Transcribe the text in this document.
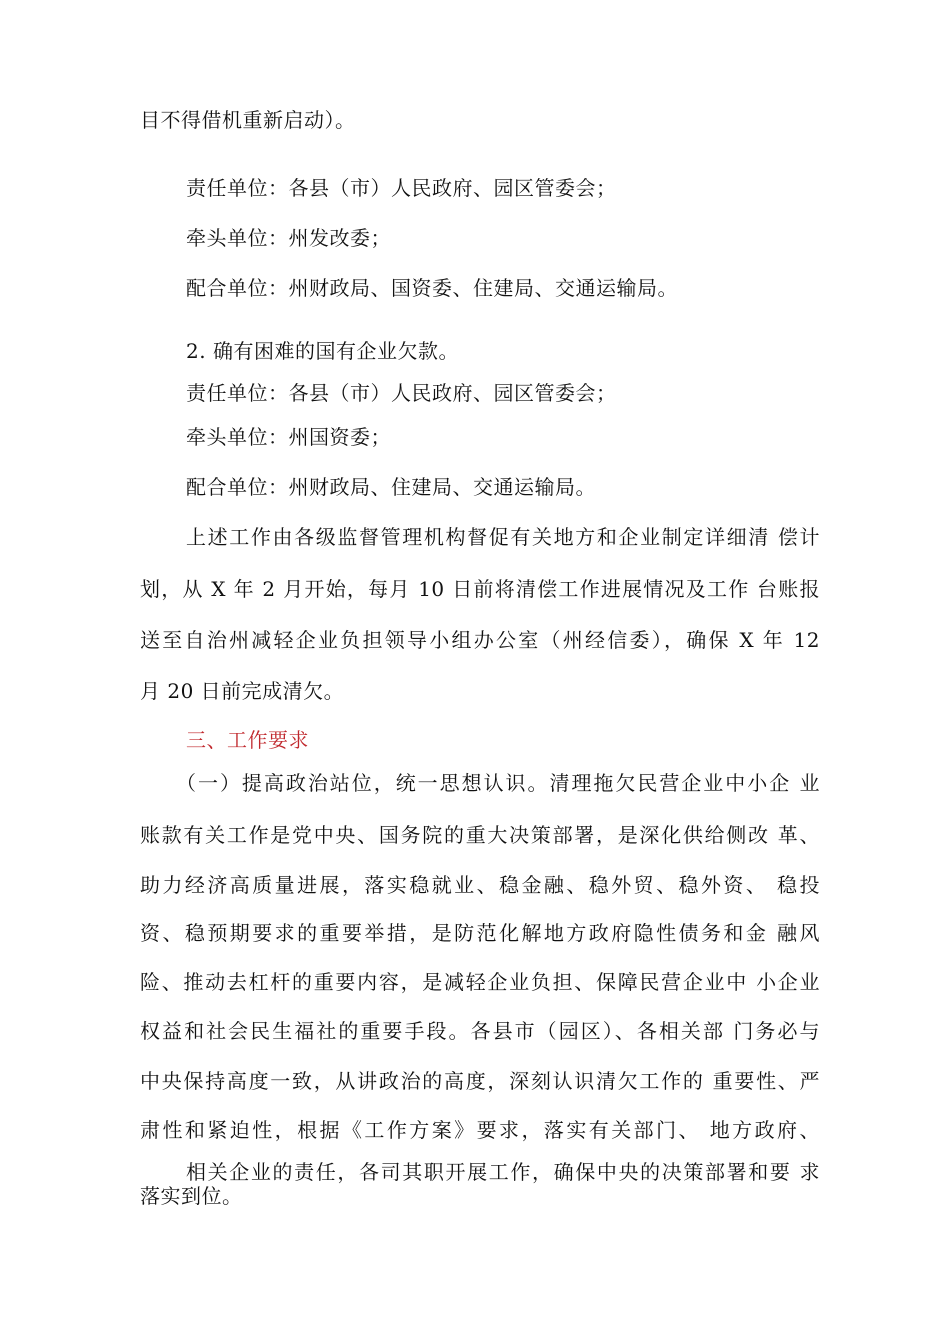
目不得借机重新启动）。
责任单位：各县（市）人民政府、园区管委会；
牵头单位：州发改委；
配合单位：州财政局、国资委、住建局、交通运输局。
2. 确有困难的国有企业欠款。
责任单位：各县（市）人民政府、园区管委会；
牵头单位：州国资委；
配合单位：州财政局、住建局、交通运输局。
上述工作由各级监督管理机构督促有关地方和企业制定详细清 偿计
划，从 X 年 2 月开始，每月 10 日前将清偿工作进展情况及工作 台账报
送至自治州减轻企业负担领导小组办公室（州经信委），确保 X 年 12
月 20 日前完成清欠。
三、工作要求
（一）提高政治站位，统一思想认识。清理拖欠民营企业中小企 业
账款有关工作是党中央、国务院的重大决策部署，是深化供给侧改 革、
助力经济高质量进展，落实稳就业、稳金融、稳外贸、稳外资、 稳投
资、稳预期要求的重要举措，是防范化解地方政府隐性债务和金 融风
险、推动去杠杆的重要内容，是减轻企业负担、保障民营企业中 小企业
权益和社会民生福社的重要手段。各县市（园区）、各相关部 门务必与
中央保持高度一致，从讲政治的高度，深刻认识清欠工作的 重要性、严
肃性和紧迫性，根据《工作方案》要求，落实有关部门、 地方政府、
相关企业的责任，各司其职开展工作，确保中央的决策部署和要 求
落实到位。
